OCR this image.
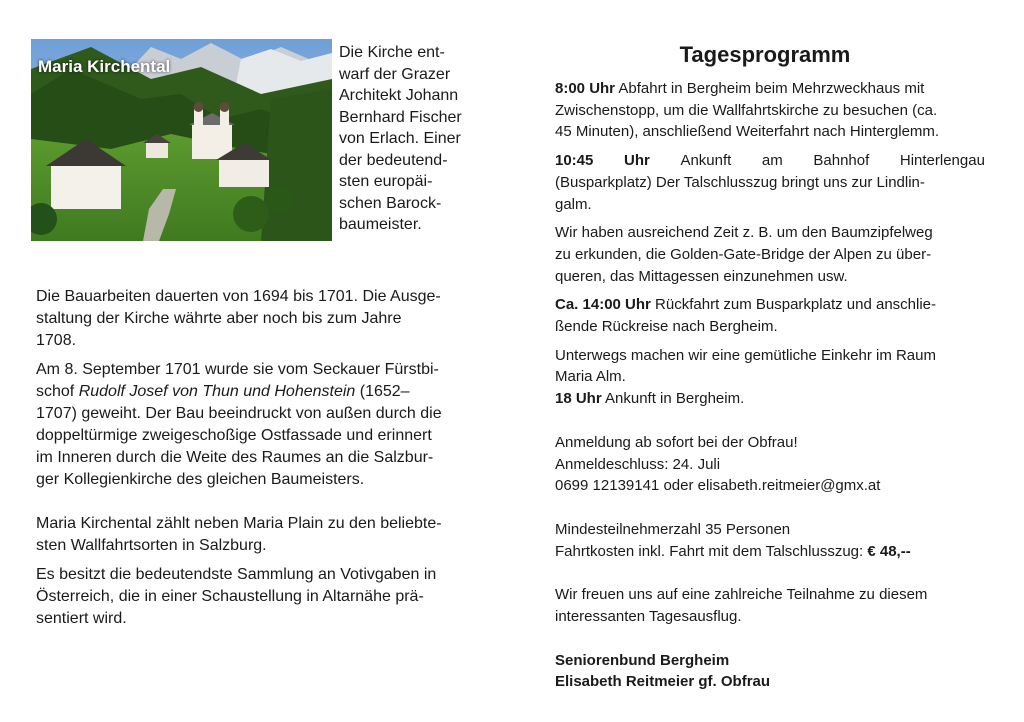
Maria Kirchental
Die Kirche ent-
warf der Grazer
Architekt Johann
Bernhard Fischer
von Erlach. Einer
der bedeutend-
sten europäi-
schen Barock-
baumeister.
Die Bauarbeiten dauerten von 1694 bis 1701. Die Ausge-
staltung der Kirche währte aber noch bis zum Jahre
1708.
Am 8. September 1701 wurde sie vom Seckauer Fürstbi-
schof Rudolf Josef von Thun und Hohenstein (1652–
1707) geweiht. Der Bau beeindruckt von außen durch die
doppeltürmige zweigeschoßige Ostfassade und erinnert
im Inneren durch die Weite des Raumes an die Salzbur-
ger Kollegienkirche des gleichen Baumeisters.
Maria Kirchental zählt neben Maria Plain zu den beliebte-
sten Wallfahrtsorten in Salzburg.
Es besitzt die bedeutendste Sammlung an Votivgaben in
Österreich, die in einer Schaustellung in Altarnähe prä-
sentiert wird.
Tagesprogramm
8:00 Uhr Abfahrt in Bergheim beim Mehrzweckhaus mit
Zwischenstopp, um die Wallfahrtskirche zu besuchen (ca.
45 Minuten), anschließend Weiterfahrt nach Hinterglemm.
10:45 Uhr Ankunft am Bahnhof Hinterlengau
(Busparkplatz) Der Talschlusszug bringt uns zur Lindlin-
galm.
Wir haben ausreichend Zeit z. B. um den Baumzipfelweg
zu erkunden, die Golden-Gate-Bridge der Alpen zu über-
queren, das Mittagessen einzunehmen usw.
Ca. 14:00 Uhr Rückfahrt zum Busparkplatz und anschlie-
ßende Rückreise nach Bergheim.
Unterwegs machen wir eine gemütliche Einkehr im Raum
Maria Alm.
18 Uhr Ankunft in Bergheim.
Anmeldung ab sofort bei der Obfrau!
Anmeldeschluss: 24. Juli
0699 12139141 oder elisabeth.reitmeier@gmx.at
Mindesteilnehmerzahl 35 Personen
Fahrtkosten inkl. Fahrt mit dem Talschlusszug: € 48,--
Wir freuen uns auf eine zahlreiche Teilnahme zu diesem
interessanten Tagesausflug.
Seniorenbund Bergheim
Elisabeth Reitmeier gf. Obfrau
